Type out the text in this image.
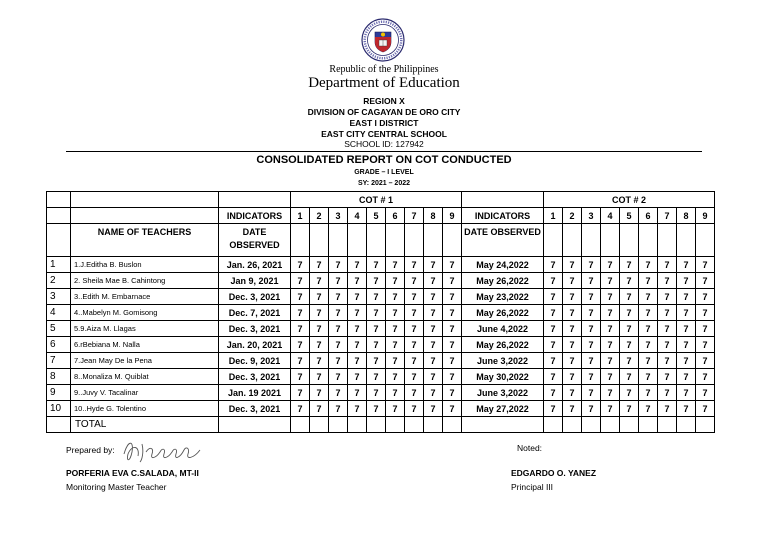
Republic of the Philippines
Department of Education
REGION X
DIVISION OF CAGAYAN DE ORO CITY
EAST I DISTRICT
EAST CITY CENTRAL SCHOOL
SCHOOL ID: 127942
CONSOLIDATED REPORT ON COT CONDUCTED
GRADE – I LEVEL
SY: 2021 – 2022
			COT # 1										COT # 2								
		INDICATORS	1	2	3	4	5	6	7	8	9	INDICATORS	1	2	3	4	5	6	7	8	9
	NAME OF TEACHERS	DATE OBSERVED										DATE OBSERVED									
1	1.J.Editha B. Buslon	Jan. 26, 2021	7	7	7	7	7	7	7	7	7	May 24,2022	7	7	7	7	7	7	7	7	7
2	2. Sheila Mae B. Cahintong	Jan 9, 2021	7	7	7	7	7	7	7	7	7	May 26,2022	7	7	7	7	7	7	7	7	7
3	3..Edith M. Embarnace	Dec. 3, 2021	7	7	7	7	7	7	7	7	7	May 23,2022	7	7	7	7	7	7	7	7	7
4	4..Mabelyn M. Gomisong	Dec. 7, 2021	7	7	7	7	7	7	7	7	7	May 26,2022	7	7	7	7	7	7	7	7	7
5	5.9.Aiza M. Llagas	Dec. 3, 2021	7	7	7	7	7	7	7	7	7	June 4,2022	7	7	7	7	7	7	7	7	7
6	6.rBebiana M. Nalla	Jan. 20, 2021	7	7	7	7	7	7	7	7	7	May 26,2022	7	7	7	7	7	7	7	7	7
7	7.Jean May De la Pena	Dec. 9, 2021	7	7	7	7	7	7	7	7	7	June 3,2022	7	7	7	7	7	7	7	7	7
8	8..Monaliza M. Quiblat	Dec. 3, 2021	7	7	7	7	7	7	7	7	7	May 30,2022	7	7	7	7	7	7	7	7	7
9	9..Juvy V. Tacalinar	Jan. 19 2021	7	7	7	7	7	7	7	7	7	June 3,2022	7	7	7	7	7	7	7	7	7
10	10..Hyde G. Tolentino	Dec. 3, 2021	7	7	7	7	7	7	7	7	7	May 27,2022	7	7	7	7	7	7	7	7	7
	TOTAL																				
Prepared by:	Noted:
PORFERIA EVA C.SALADA, MT-II
Monitoring Master Teacher
EDGARDO O. YANEZ
Principal III
